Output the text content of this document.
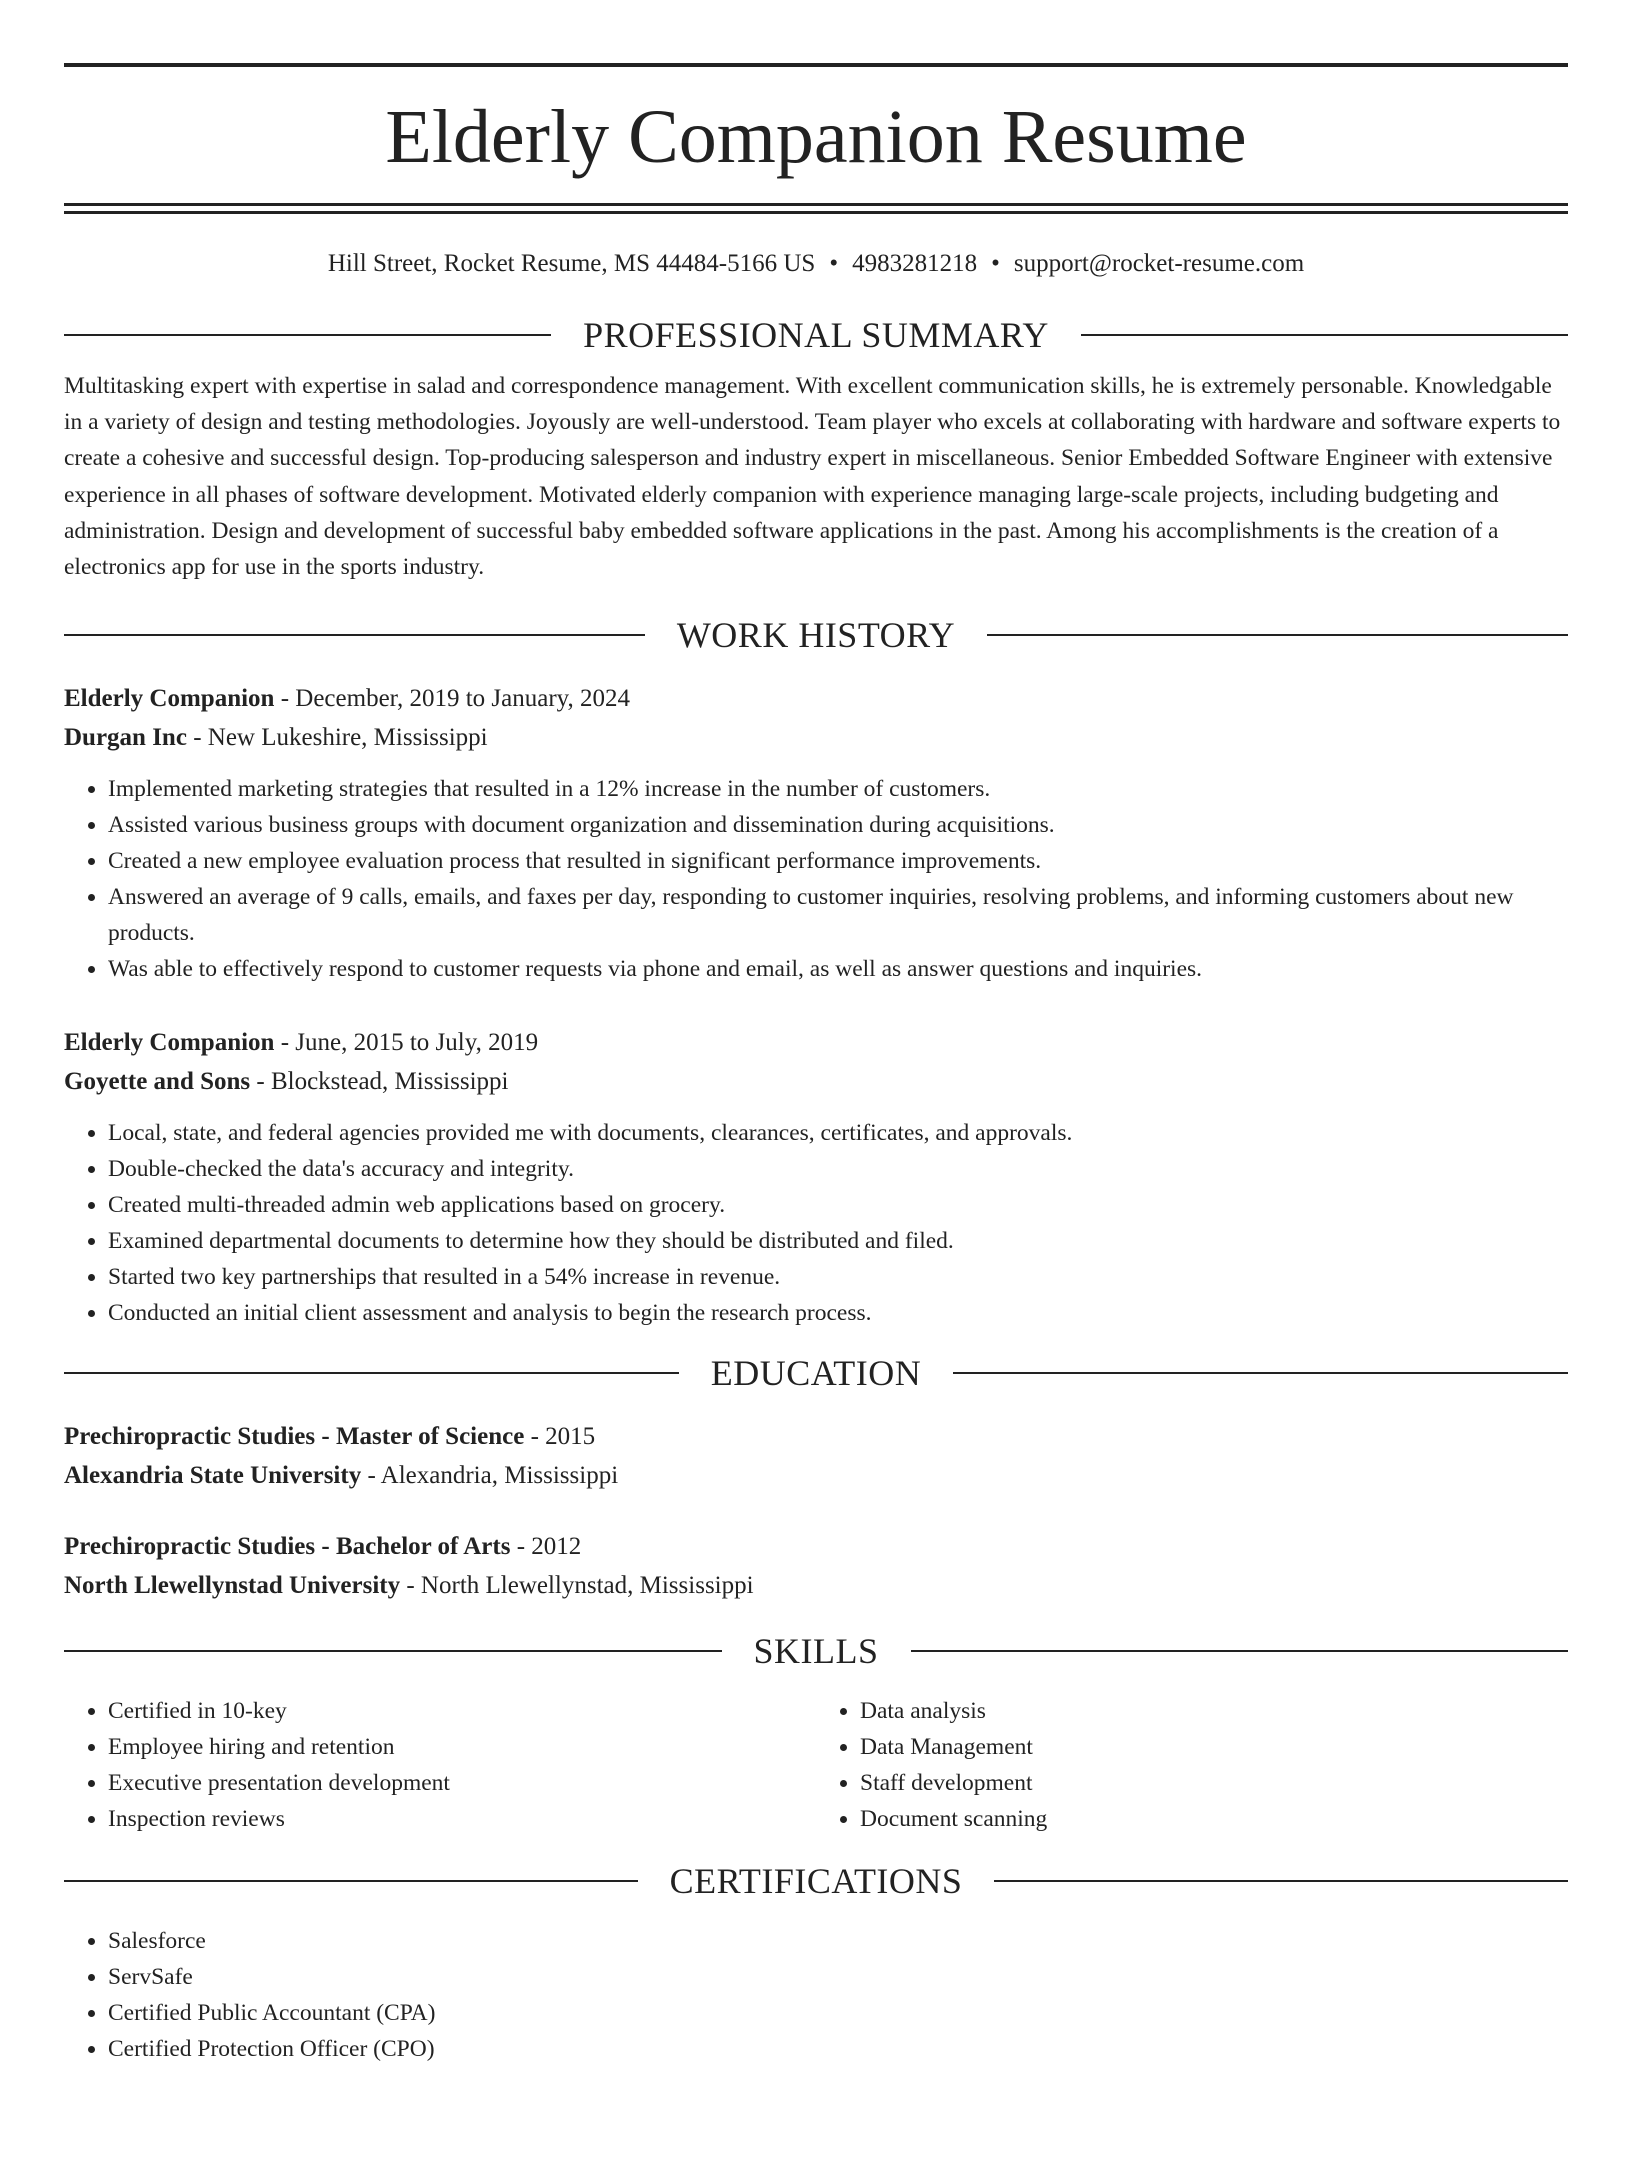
Elderly Companion Resume
Hill Street, Rocket Resume, MS 44484-5166 US • 4983281218 • support@rocket-resume.com
PROFESSIONAL SUMMARY

Multitasking expert with expertise in salad and correspondence management. With excellent communication skills, he is extremely personable. Knowledgable in a variety of design and testing methodologies. Joyously are well-understood. Team player who excels at collaborating with hardware and software experts to create a cohesive and successful design. Top-producing salesperson and industry expert in miscellaneous. Senior Embedded Software Engineer with extensive experience in all phases of software development. Motivated elderly companion with experience managing large-scale projects, including budgeting and administration. Design and development of successful baby embedded software applications in the past. Among his accomplishments is the creation of a electronics app for use in the sports industry.

WORK HISTORY
Elderly Companion - December, 2019 to January, 2024
Durgan Inc - New Lukeshire, Mississippi
• Implemented marketing strategies that resulted in a 12% increase in the number of customers.
• Assisted various business groups with document organization and dissemination during acquisitions.
• Created a new employee evaluation process that resulted in significant performance improvements.
• Answered an average of 9 calls, emails, and faxes per day, responding to customer inquiries, resolving problems, and informing customers about new products.
• Was able to effectively respond to customer requests via phone and email, as well as answer questions and inquiries.
Elderly Companion - June, 2015 to July, 2019
Goyette and Sons - Blockstead, Mississippi
• Local, state, and federal agencies provided me with documents, clearances, certificates, and approvals.
• Double-checked the data's accuracy and integrity.
• Created multi-threaded admin web applications based on grocery.
• Examined departmental documents to determine how they should be distributed and filed.
• Started two key partnerships that resulted in a 54% increase in revenue.
• Conducted an initial client assessment and analysis to begin the research process.
EDUCATION
Prechiropractic Studies - Master of Science - 2015
Alexandria State University - Alexandria, Mississippi
Prechiropractic Studies - Bachelor of Arts - 2012
North Llewellynstad University - North Llewellynstad, Mississippi
SKILLS
• Certified in 10-key
• Employee hiring and retention
• Executive presentation development
• Inspection reviews
• Data analysis
• Data Management
• Staff development
• Document scanning
CERTIFICATIONS
• Salesforce
• ServSafe
• Certified Public Accountant (CPA)
• Certified Protection Officer (CPO)
